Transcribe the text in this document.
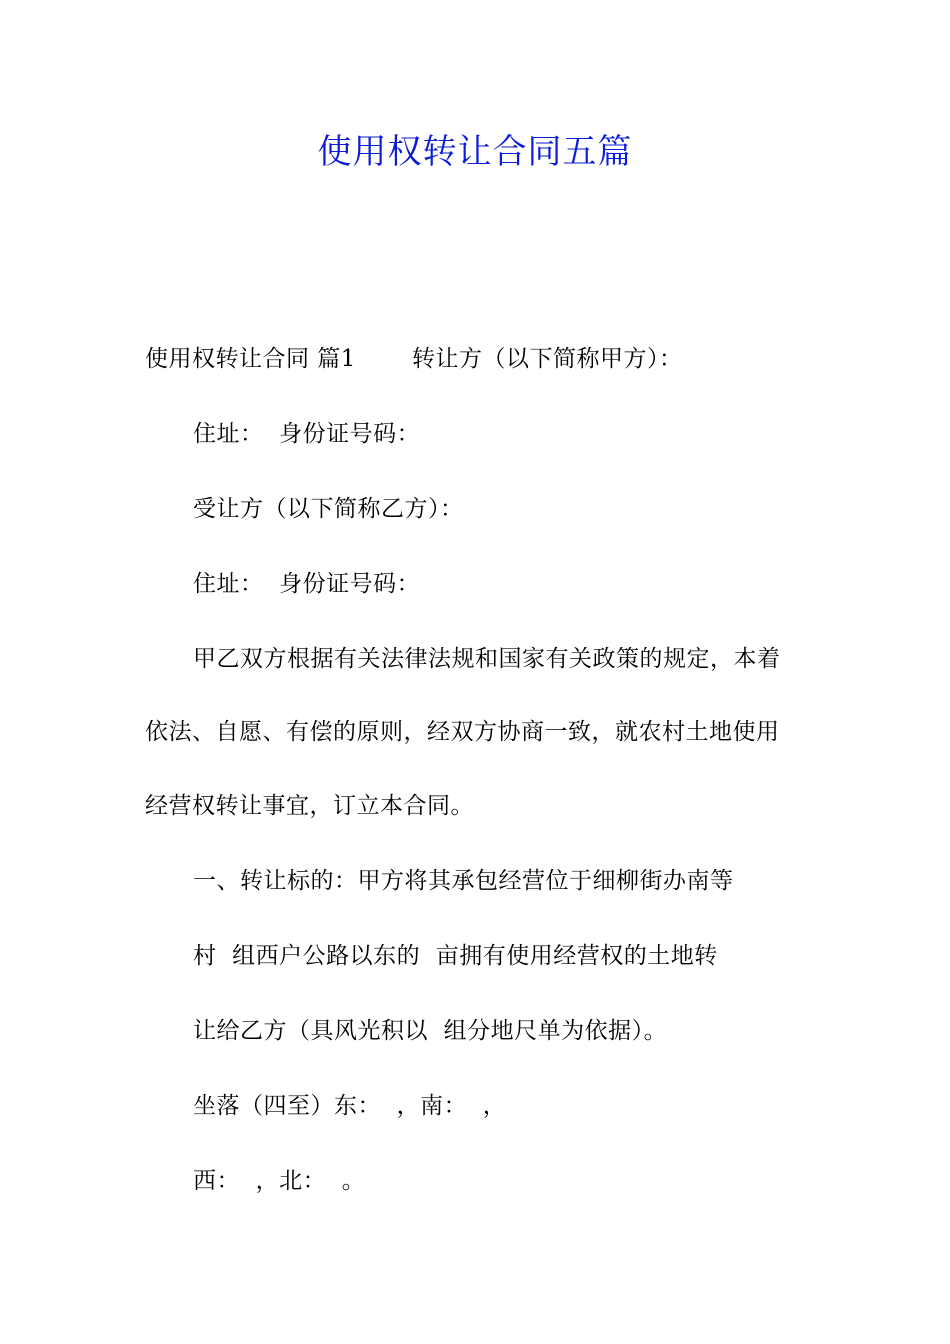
使用权转让合同五篇
使用权转让合同 篇1 转让方（以下简称甲方）：
住址：  身份证号码：
受让方（以下简称乙方）：
住址：  身份证号码：
甲乙双方根据有关法律法规和国家有关政策的规定，本着
依法、自愿、有偿的原则，经双方协商一致，就农村土地使用
经营权转让事宜，订立本合同。
一、转让标的：甲方将其承包经营位于细柳街办南等
村  组西户公路以东的  亩拥有使用经营权的土地转
让给乙方（具风光积以  组分地尺单为依据）。
坐落（四至）东：  ，南：  ，
西：  ，北：  。
